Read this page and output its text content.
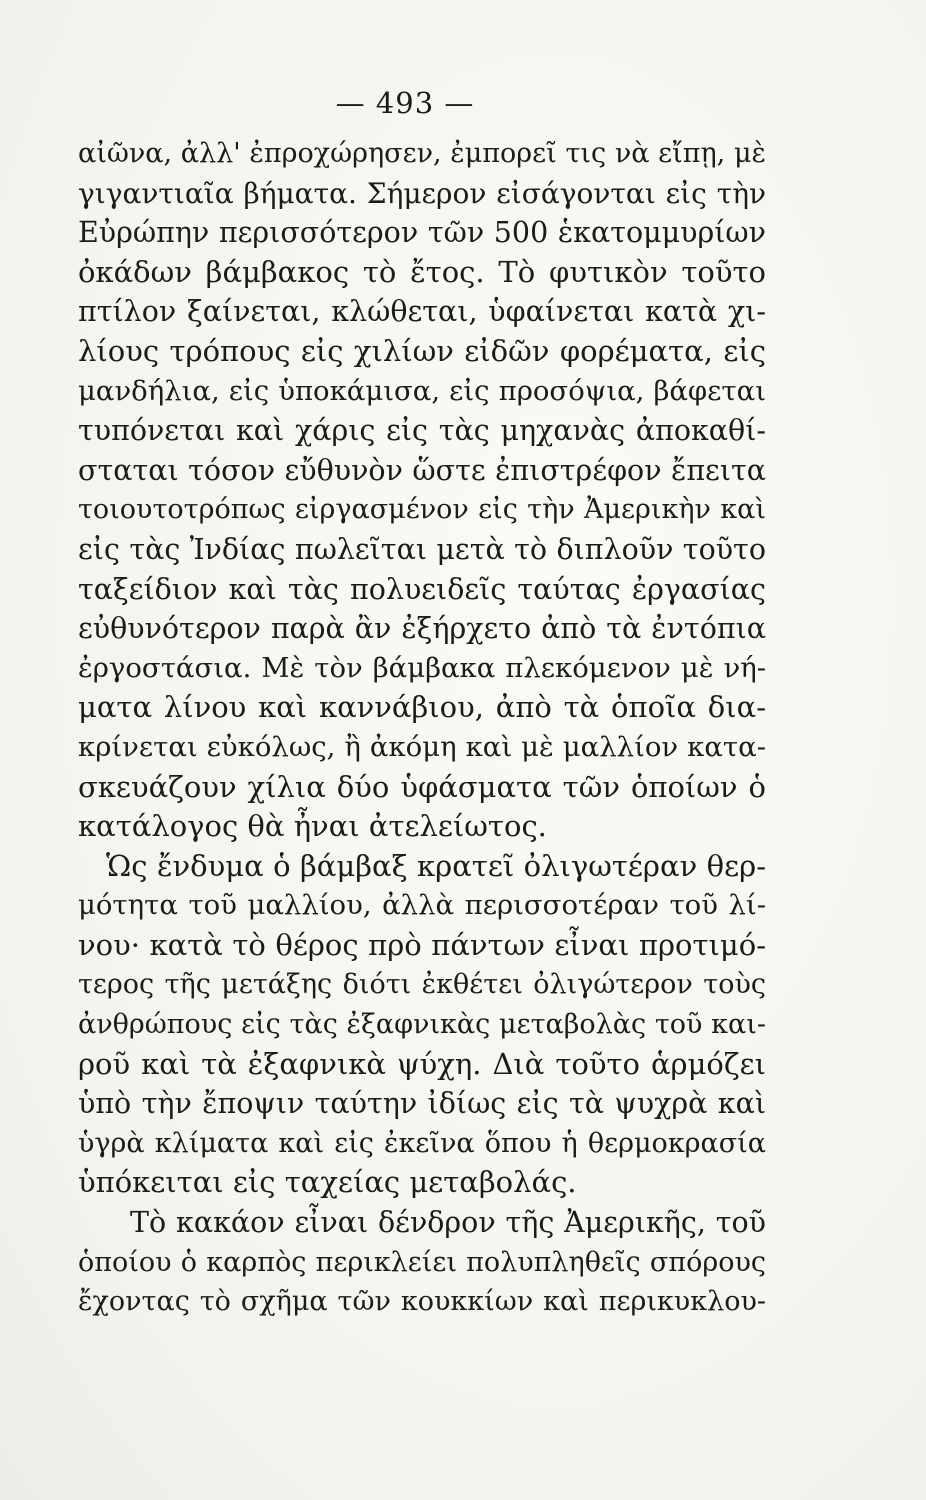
— 493 —
αἰῶνα, ἀλλ' ἐπροχώρησεν, ἐμπορεῖ τις νὰ εἴπῃ, μὲ
γιγαντιαῖα βήματα. Σήμερον εἰσάγονται εἰς τὴν
Εὐρώπην περισσότερον τῶν 500 ἑκατομμυρίων
ὀκάδων βάμβακος τὸ ἔτος. Τὸ φυτικὸν τοῦτο
πτίλον ξαίνεται, κλώθεται, ὑφαίνεται κατὰ χι-
λίους τρόπους εἰς χιλίων εἰδῶν φορέματα, εἰς
μανδήλια, εἰς ὑποκάμισα, εἰς προσόψια, βάφεται
τυπόνεται καὶ χάρις εἰς τὰς μηχανὰς ἀποκαθί-
σταται τόσον εὔθυνὸν ὥστε ἐπιστρέφον ἔπειτα
τοιουτοτρόπως εἰργασμένον εἰς τὴν Ἀμερικὴν καὶ
εἰς τὰς Ἰνδίας πωλεῖται μετὰ τὸ διπλοῦν τοῦτο
ταξείδιον καὶ τὰς πολυειδεῖς ταύτας ἐργασίας
εὐθυνότερον παρὰ ἂν ἐξήρχετο ἀπὸ τὰ ἐντόπια
ἐργοστάσια. Μὲ τὸν βάμβακα πλεκόμενον μὲ νή-
ματα λίνου καὶ καννάβιου, ἀπὸ τὰ ὁποῖα δια-
κρίνεται εὐκόλως, ἢ ἀκόμη καὶ μὲ μαλλίον κατα-
σκευάζουν χίλια δύο ὑφάσματα τῶν ὁποίων ὁ
κατάλογος θὰ ἦναι ἀτελείωτος.
Ὡς ἔνδυμα ὁ βάμβαξ κρατεῖ ὀλιγωτέραν θερ-
μότητα τοῦ μαλλίου, ἀλλὰ περισσοτέραν τοῦ λί-
νου· κατὰ τὸ θέρος πρὸ πάντων εἶναι προτιμό-
τερος τῆς μετάξης διότι ἐκθέτει ὀλιγώτερον τοὺς
ἀνθρώπους εἰς τὰς ἐξαφνικὰς μεταβολὰς τοῦ και-
ροῦ καὶ τὰ ἐξαφνικὰ ψύχη. Διὰ τοῦτο ἁρμόζει
ὑπὸ τὴν ἔποψιν ταύτην ἰδίως εἰς τὰ ψυχρὰ καὶ
ὑγρὰ κλίματα καὶ εἰς ἐκεῖνα ὅπου ἡ θερμοκρασία
ὑπόκειται εἰς ταχείας μεταβολάς.
Τὸ κακάον εἶναι δένδρον τῆς Ἀμερικῆς, τοῦ
ὁποίου ὁ καρπὸς περικλείει πολυπληθεῖς σπόρους
ἔχοντας τὸ σχῆμα τῶν κουκκίων καὶ περικυκλου-
